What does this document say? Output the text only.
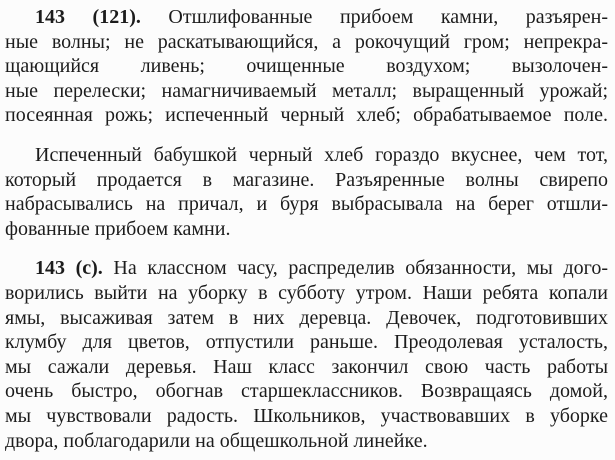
143 (121). Отшлифованные прибоем камни, разъярен-
ные волны; не раскатывающийся, а рокочущий гром; непрекра-
щающийся ливень; очищенные воздухом; вызолочен-
ные перелески; намагничиваемый металл; выращенный урожай;
посеянная рожь; испеченный черный хлеб; обрабатываемое поле.
Испеченный бабушкой черный хлеб гораздо вкуснее, чем тот,
который продается в магазине. Разъяренные волны свирепо
набрасывались на причал, и буря выбрасывала на берег отшли-
фованные прибоем камни.
143 (с). На классном часу, распределив обязанности, мы дого-
ворились выйти на уборку в субботу утром. Наши ребята копали
ямы, высаживая затем в них деревца. Девочек, подготовивших
клумбу для цветов, отпустили раньше. Преодолевая усталость,
мы сажали деревья. Наш класс закончил свою часть работы
очень быстро, обогнав старшеклассников. Возвращаясь домой,
мы чувствовали радость. Школьников, участвовавших в уборке
двора, поблагодарили на общешкольной линейке.
